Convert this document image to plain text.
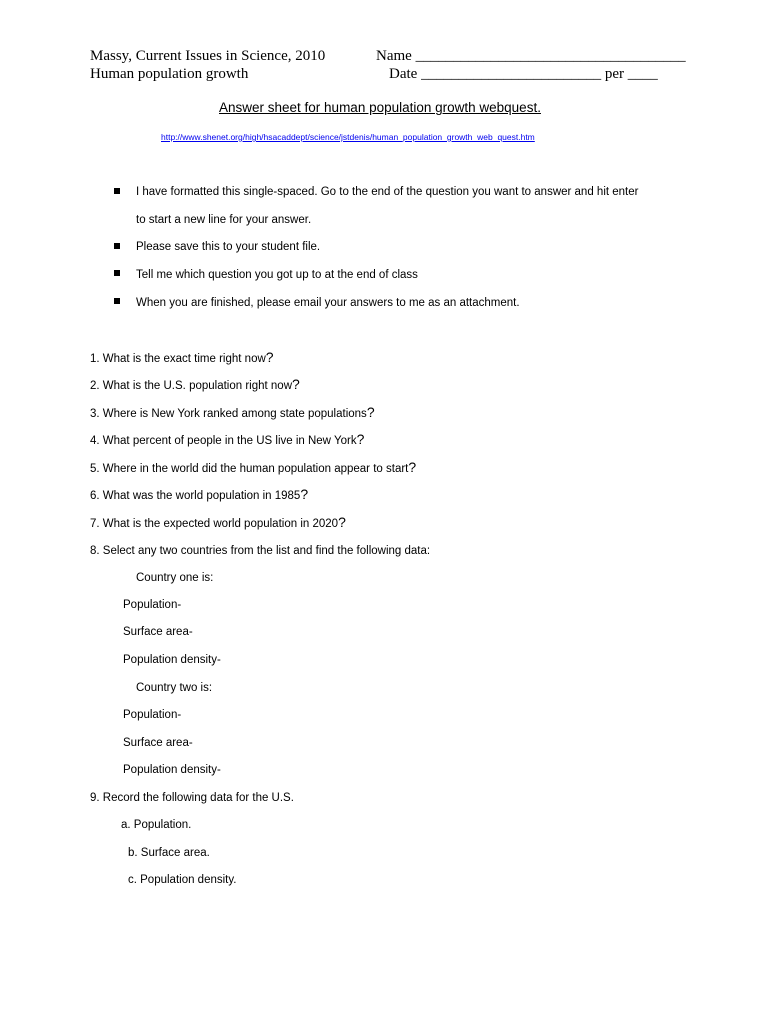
Massy, Current Issues in Science, 2010
Human population growth
Name ____________________________________
Date ________________________ per ____
Answer sheet for human population growth webquest.
http://www.shenet.org/high/hsacaddept/science/jstdenis/human_population_growth_web_quest.htm
I have formatted this single-spaced. Go to the end of the question you want to answer and hit enter
to start a new line for your answer.
Please save this to your student file.
Tell me which question you got up to at the end of class
When you are finished, please email your answers to me as an attachment.
1. What is the exact time right now?
2. What is the U.S. population right now?
3. Where is New York ranked among state populations?
4. What percent of people in the US live in New York?
5. Where in the world did the human population appear to start?
6. What was the world population in 1985?
7. What is the expected world population in 2020?
8. Select any two countries from the list and find the following data:
Country one is:
Population-
Surface area-
Population density-
Country two is:
Population-
Surface area-
Population density-
9. Record the following data for the U.S.
a. Population.
b. Surface area.
c. Population density.
